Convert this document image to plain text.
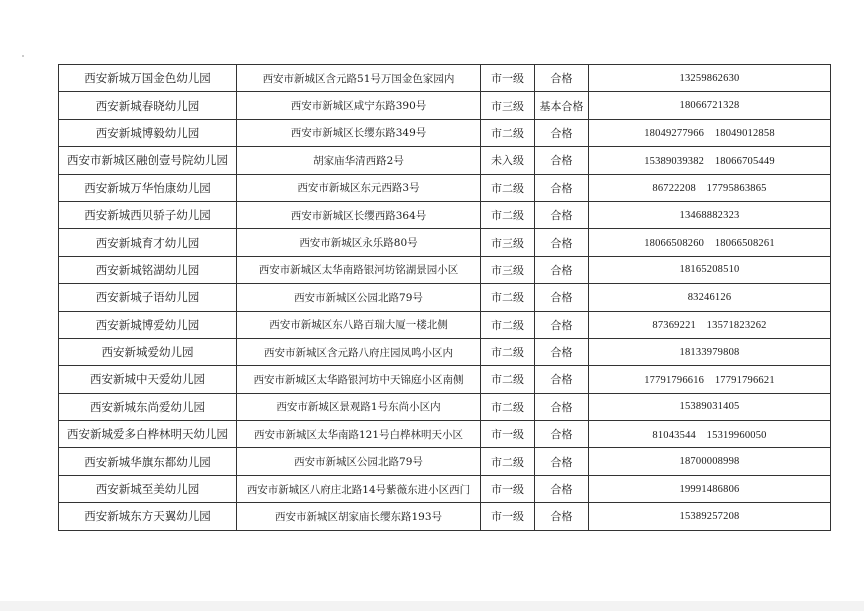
西安新城万国金色幼儿园	西安市新城区含元路51号万国金色家园内	市一级	合格	13259862630
西安新城春晓幼儿园	西安市新城区咸宁东路390号	市三级	基本合格	18066721328
西安新城博毅幼儿园	西安市新城区长缨东路349号	市二级	合格	18049277966　18049012858
西安市新城区融创壹号院幼儿园	胡家庙华清西路2号	未入级	合格	15389039382　18066705449
西安新城万华怡康幼儿园	西安市新城区东元西路3号	市二级	合格	86722208　17795863865
西安新城西贝骄子幼儿园	西安市新城区长缨西路364号	市二级	合格	13468882323
西安新城育才幼儿园	西安市新城区永乐路80号	市三级	合格	18066508260　18066508261
西安新城铭湖幼儿园	西安市新城区太华南路银河坊铭湖景园小区	市三级	合格	18165208510
西安新城子语幼儿园	西安市新城区公园北路79号	市二级	合格	83246126
西安新城博爱幼儿园	西安市新城区东八路百瑞大厦一楼北侧	市二级	合格	87369221　13571823262
西安新城爱幼儿园	西安市新城区含元路八府庄园凤鸣小区内	市二级	合格	18133979808
西安新城中天爱幼儿园	西安市新城区太华路银河坊中天锦庭小区南侧	市二级	合格	17791796616　17791796621
西安新城东尚爱幼儿园	西安市新城区景观路1号东尚小区内	市二级	合格	15389031405
西安新城爱多白桦林明天幼儿园	西安市新城区太华南路121号白桦林明天小区	市一级	合格	81043544　15319960050
西安新城华旗东都幼儿园	西安市新城区公园北路79号	市二级	合格	18700008998
西安新城至美幼儿园	西安市新城区八府庄北路14号紫薇东进小区西门	市一级	合格	19991486806
西安新城东方天翼幼儿园	西安市新城区胡家庙长缨东路193号	市一级	合格	15389257208
